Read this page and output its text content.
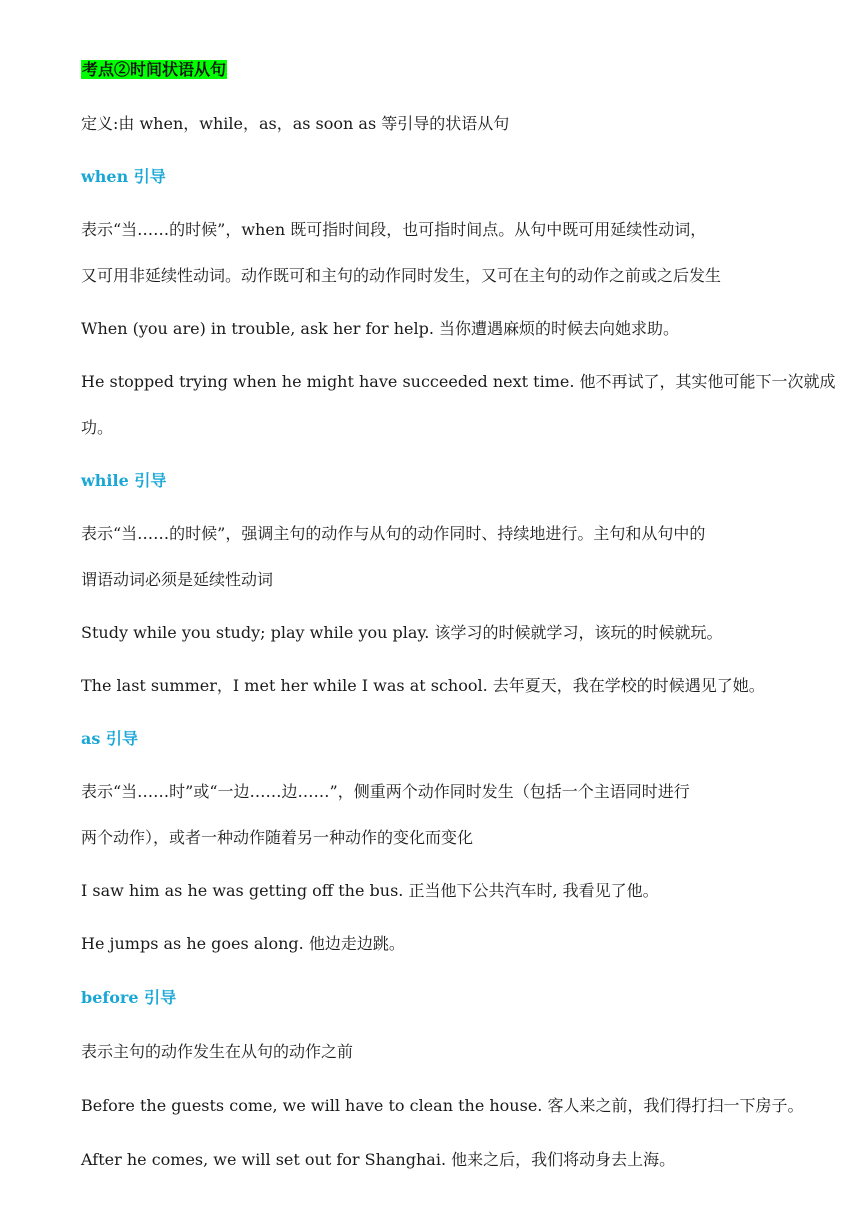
考点②时间状语从句
定义:由 when，while，as，as soon as 等引导的状语从句
when 引导
表示“当……的时候”，when 既可指时间段，也可指时间点。从句中既可用延续性动词，
又可用非延续性动词。动作既可和主句的动作同时发生，又可在主句的动作之前或之后发生
When (you are) in trouble, ask her for help. 当你遭遇麻烦的时候去向她求助。
He stopped trying when he might have succeeded next time. 他不再试了，其实他可能下一次就成
功。
while 引导
表示“当……的时候”，强调主句的动作与从句的动作同时、持续地进行。主句和从句中的
谓语动词必须是延续性动词
Study while you study; play while you play. 该学习的时候就学习，该玩的时候就玩。
The last summer，I met her while I was at school. 去年夏天，我在学校的时候遇见了她。
as 引导
表示“当……时”或“一边……边……”，侧重两个动作同时发生（包括一个主语同时进行
两个动作），或者一种动作随着另一种动作的变化而变化
I saw him as he was getting off the bus. 正当他下公共汽车时, 我看见了他。
He jumps as he goes along. 他边走边跳。
before 引导
表示主句的动作发生在从句的动作之前
Before the guests come, we will have to clean the house. 客人来之前，我们得打扫一下房子。
After he comes, we will set out for Shanghai. 他来之后，我们将动身去上海。
